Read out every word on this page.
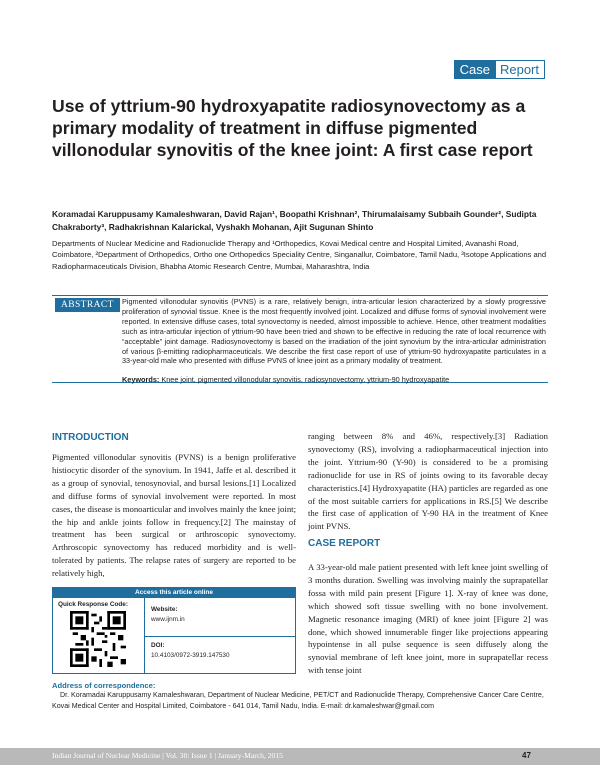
Case Report
Use of yttrium-90 hydroxyapatite radiosynovectomy as a primary modality of treatment in diffuse pigmented villonodular synovitis of the knee joint: A first case report
Koramadai Karuppusamy Kamaleshwaran, David Rajan¹, Boopathi Krishnan², Thirumalaisamy Subbaih Gounder², Sudipta Chakraborty³, Radhakrishnan Kalarickal, Vyshakh Mohanan, Ajit Sugunan Shinto
Departments of Nuclear Medicine and Radionuclide Therapy and ¹Orthopedics, Kovai Medical centre and Hospital Limited, Avanashi Road, Coimbatore, ²Department of Orthopedics, Ortho one Orthopedics Speciality Centre, Singanallur, Coimbatore, Tamil Nadu, ³Isotope Applications and Radiopharmaceuticals Division, Bhabha Atomic Research Centre, Mumbai, Maharashtra, India
ABSTRACT	Pigmented villonodular synovitis (PVNS) is a rare, relatively benign, intra-articular lesion characterized by a slowly progressive proliferation of synovial tissue. Knee is the most frequently involved joint. Localized and diffuse forms of synovial involvement were reported. In extensive diffuse cases, total synovectomy is needed, almost impossible to achieve. Hence, other treatment modalities such as intra-articular injection of yttrium-90 have been tried and shown to be effective in reducing the rate of local recurrence with “acceptable” joint damage. Radiosynovectomy is based on the irradiation of the joint synovium by the intra-articular administration of various β-emitting radiopharmaceuticals. We describe the first case report of use of yttrium-90 hydroxyapatite particulates in a 33-year-old male who presented with diffuse PVNS of knee joint as a primary modality of treatment.
Keywords: Knee joint, pigmented villonodular synovitis, radiosynovectomy, yttrium-90 hydroxyapatite
INTRODUCTION
Pigmented villonodular synovitis (PVNS) is a benign proliferative histiocytic disorder of the synovium. In 1941, Jaffe et al. described it as a group of synovial, tenosynovial, and bursal lesions.[1] Localized and diffuse forms of synovial involvement were reported. In most cases, the disease is monoarticular and involves mainly the knee joint; the hip and ankle joints follow in frequency.[2] The mainstay of treatment has been surgical or arthroscopic synovectomy. Arthroscopic synovectomy has reduced morbidity and is well-tolerated by patients. The relapse rates of surgery are reported to be relatively high,
ranging between 8% and 46%, respectively.[3] Radiation synovectomy (RS), involving a radiopharmaceutical injection into the joint. Yttrium-90 (Y-90) is considered to be a promising radionuclide for use in RS of joints owing to its favorable decay characteristics.[4] Hydroxyapatite (HA) particles are regarded as one of the most suitable carriers for applications in RS.[5] We describe the first case of application of Y-90 HA in the treatment of Knee joint PVNS.
CASE REPORT
A 33-year-old male patient presented with left knee joint swelling of 3 months duration. Swelling was involving mainly the suprapatellar fossa with mild pain present [Figure 1]. X-ray of knee was done, which showed soft tissue swelling with no bone involvement. Magnetic resonance imaging (MRI) of knee joint [Figure 2] was done, which showed innumerable finger like projections appearing hypointense in all pulse sequence is seen diffusely along the synovial membrane of left knee joint, more in suprapatellar recess with tense joint
Access this article online
Quick Response Code:
Website:
www.ijnm.in
DOI:
10.4103/0972-3919.147530
Address of correspondence:
Dr. Koramadai Karuppusamy Kamaleshwaran, Department of Nuclear Medicine, PET/CT and Radionuclide Therapy, Comprehensive Cancer Care Centre, Kovai Medical Center and Hospital Limited, Coimbatore - 641 014, Tamil Nadu, India. E-mail: dr.kamaleshwar@gmail.com
Indian Journal of Nuclear Medicine | Vol. 30: Issue 1 | January-March, 2015	47
